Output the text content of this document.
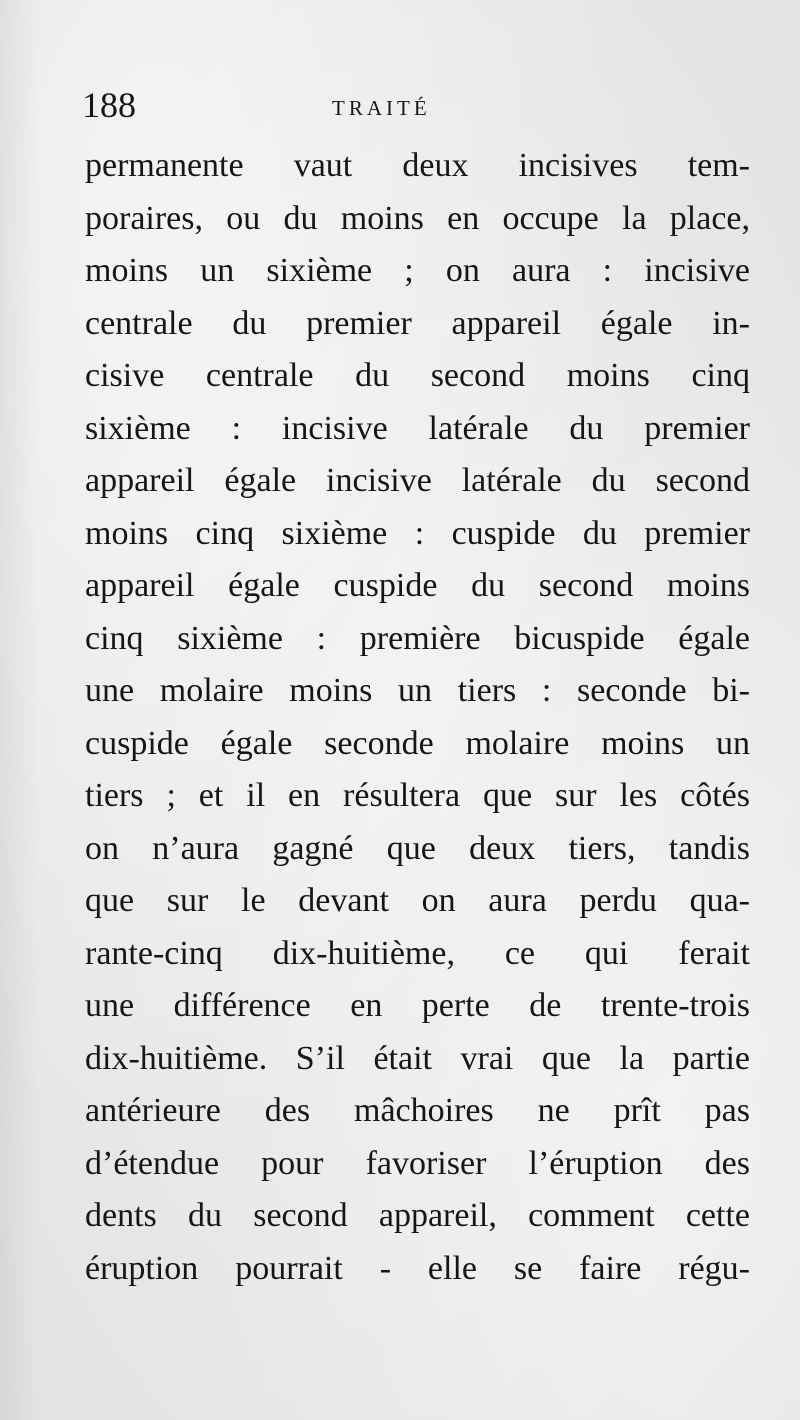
188	TRAITÉ
permanente vaut deux incisives tem-
poraires, ou du moins en occupe la place,
moins un sixième ; on aura : incisive
centrale du premier appareil égale in-
cisive centrale du second moins cinq
sixième : incisive latérale du premier
appareil égale incisive latérale du second
moins cinq sixième : cuspide du premier
appareil égale cuspide du second moins
cinq sixième : première bicuspide égale
une molaire moins un tiers : seconde bi-
cuspide égale seconde molaire moins un
tiers ; et il en résultera que sur les côtés
on n’aura gagné que deux tiers, tandis
que sur le devant on aura perdu qua-
rante-cinq dix-huitième, ce qui ferait
une différence en perte de trente-trois
dix-huitième. S’il était vrai que la partie
antérieure des mâchoires ne prît pas
d’étendue pour favoriser l’éruption des
dents du second appareil, comment cette
éruption pourrait - elle se faire régu-
